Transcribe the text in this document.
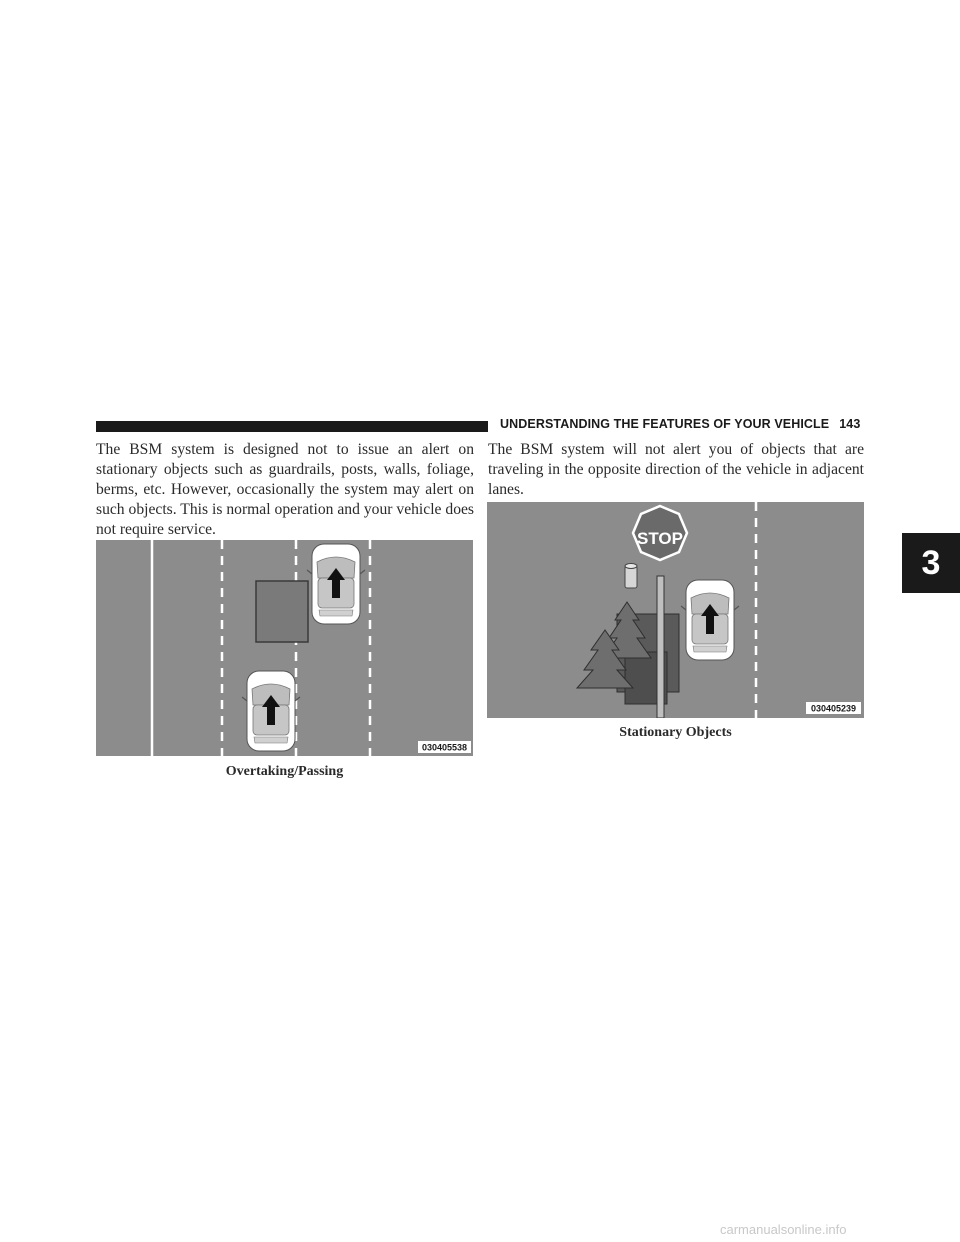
UNDERSTANDING THE FEATURES OF YOUR VEHICLE 143
3

The BSM system is designed not to issue an alert on stationary objects such as guardrails, posts, walls, foliage, berms, etc. However, occasionally the system may alert on such objects. This is normal operation and your vehicle does not require service.

The BSM system will not alert you of objects that are traveling in the opposite direction of the vehicle in adjacent lanes.

030405538
Overtaking/Passing
STOP
030405239
Stationary Objects
carmanualsonline.info
